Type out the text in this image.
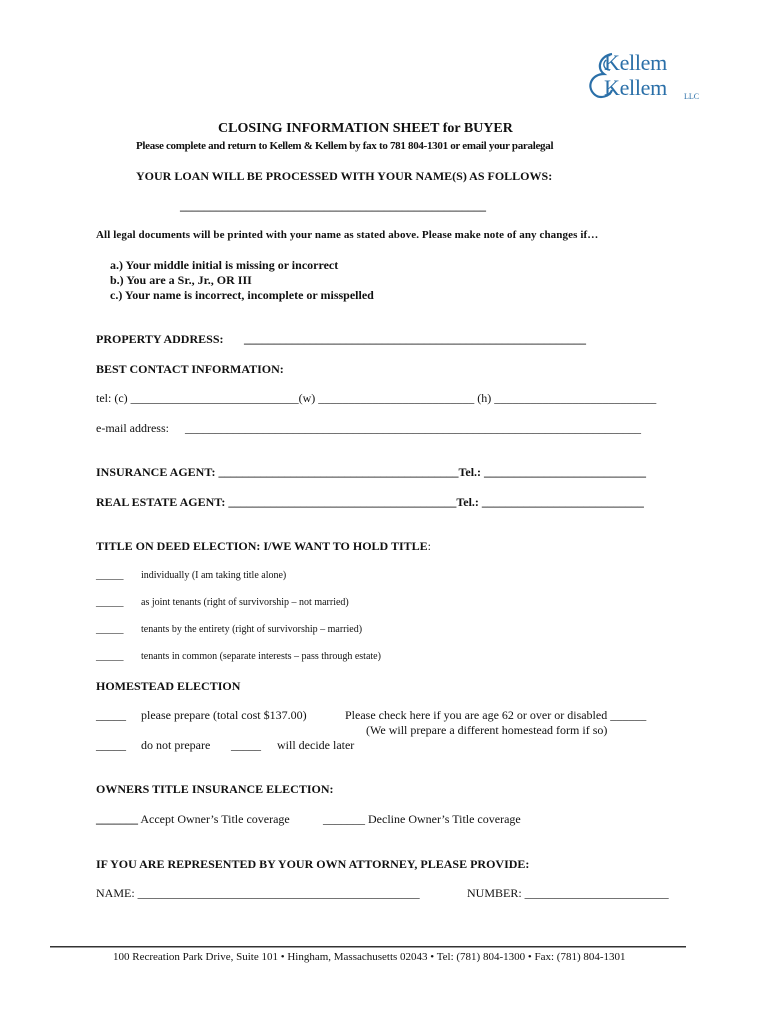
Kellem
Kellem LLC
CLOSING INFORMATION SHEET for BUYER
Please complete and return to Kellem & Kellem by fax to 781 804-1301 or email your paralegal
YOUR LOAN WILL BE PROCESSED WITH YOUR NAME(S) AS FOLLOWS:
___________________________________________________
All legal documents will be printed with your name as stated above. Please make note of any changes if…
a.) Your middle initial is missing or incorrect
b.) You are a Sr., Jr., OR III
c.) Your name is incorrect, incomplete or misspelled
PROPERTY ADDRESS: _________________________________________________________
BEST CONTACT INFORMATION:
tel: (c) ____________________________(w) __________________________ (h) ___________________________
e-mail address: ____________________________________________________________________________
INSURANCE AGENT: ________________________________________Tel.: ___________________________
REAL ESTATE AGENT: ______________________________________Tel.: ___________________________
TITLE ON DEED ELECTION: I/WE WANT TO HOLD TITLE:
_____ individually (I am taking title alone)
_____ as joint tenants (right of survivorship – not married)
_____ tenants by the entirety (right of survivorship – married)
_____ tenants in common (separate interests – pass through estate)
HOMESTEAD ELECTION
_____ please prepare (total cost $137.00)	Please check here if you are age 62 or over or disabled ______
(We will prepare a different homestead form if so)
_____ do not prepare _____ will decide later
OWNERS TITLE INSURANCE ELECTION:
_______ Accept Owner’s Title coverage	_______ Decline Owner’s Title coverage
IF YOU ARE REPRESENTED BY YOUR OWN ATTORNEY, PLEASE PROVIDE:
NAME: _______________________________________________	NUMBER: ________________________
100 Recreation Park Drive, Suite 101 • Hingham, Massachusetts 02043 • Tel: (781) 804-1300 • Fax: (781) 804-1301
